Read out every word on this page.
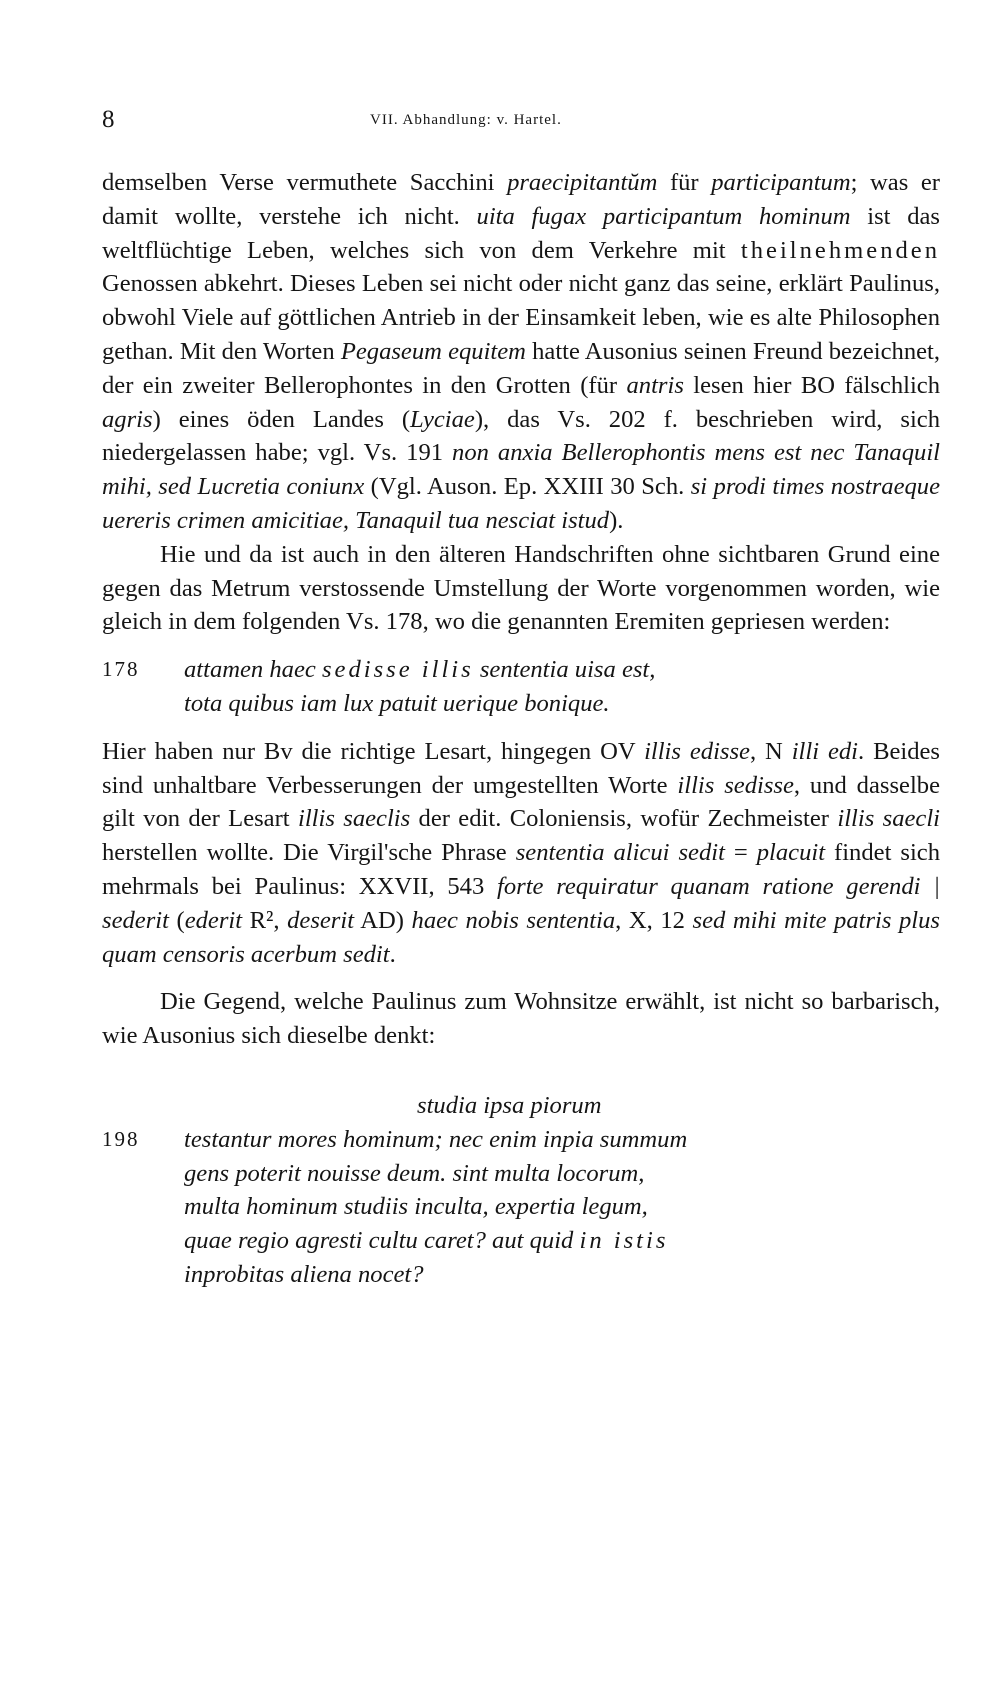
8	VII. Abhandlung: v. Hartel.

demselben Verse vermuthete Sacchini praecipitantŭm für participantum; was er damit wollte, verstehe ich nicht. uita fugax participantum hominum ist das weltflüchtige Leben, welches sich von dem Verkehre mit theilnehmenden Genossen abkehrt. Dieses Leben sei nicht oder nicht ganz das seine, erklärt Paulinus, obwohl Viele auf göttlichen Antrieb in der Einsamkeit leben, wie es alte Philosophen gethan. Mit den Worten Pegaseum equitem hatte Ausonius seinen Freund bezeichnet, der ein zweiter Bellerophontes in den Grotten (für antris lesen hier BO fälschlich agris) eines öden Landes (Lyciae), das Vs. 202 f. beschrieben wird, sich niedergelassen habe; vgl. Vs. 191 non anxia Bellerophontis mens est nec Tanaquil mihi, sed Lucretia coniunx (Vgl. Auson. Ep. XXIII 30 Sch. si prodi times nostraeque uereris crimen amicitiae, Tanaquil tua nesciat istud).

Hie und da ist auch in den älteren Handschriften ohne sichtbaren Grund eine gegen das Metrum verstossende Umstellung der Worte vorgenommen worden, wie gleich in dem folgenden Vs. 178, wo die genannten Eremiten gepriesen werden:

178	attamen haec sedisse illis sententia uisa est,
tota quibus iam lux patuit uerique bonique.

Hier haben nur Bv die richtige Lesart, hingegen OV illis edisse, N illi edi. Beides sind unhaltbare Verbesserungen der umgestellten Worte illis sedisse, und dasselbe gilt von der Lesart illis saeclis der edit. Coloniensis, wofür Zechmeister illis saecli herstellen wollte. Die Virgil'sche Phrase sententia alicui sedit = placuit findet sich mehrmals bei Paulinus: XXVII, 543 forte requiratur quanam ratione gerendi | sederit (ederit R², deserit AD) haec nobis sententia, X, 12 sed mihi mite patris plus quam censoris acerbum sedit.

Die Gegend, welche Paulinus zum Wohnsitze erwählt, ist nicht so barbarisch, wie Ausonius sich dieselbe denkt:

studia ipsa piorum
198	testantur mores hominum; nec enim inpia summum
gens poterit nouisse deum. sint multa locorum,
multa hominum studiis inculta, expertia legum,
quae regio agresti cultu caret? aut quid in istis
inprobitas aliena nocet?
